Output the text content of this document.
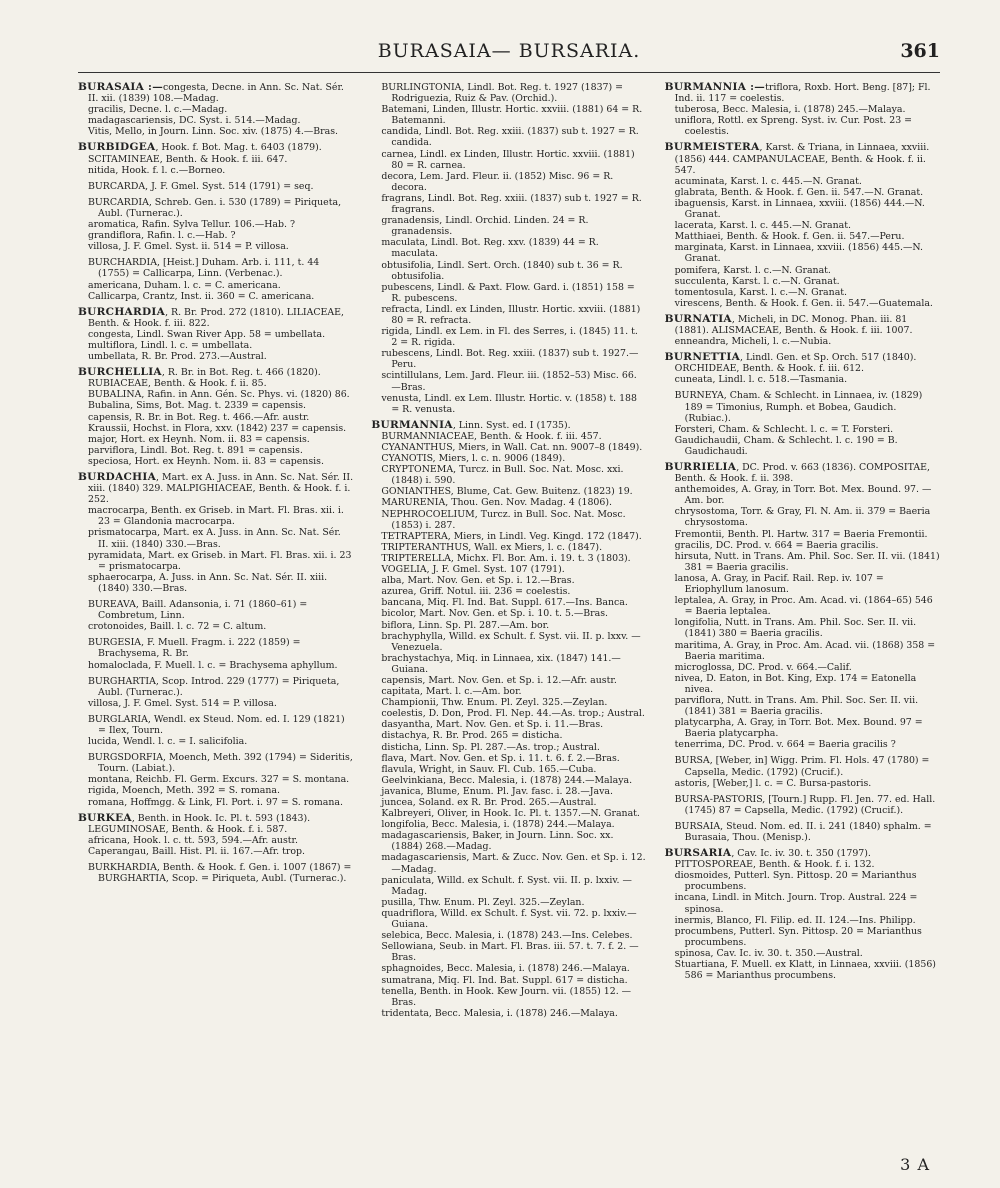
BURASAIA— BURSARIA.	361
BURASAIA :—congesta, Decne. in Ann. Sc. Nat. Sér. II. xii. (1839) 108.—Madag.
gracilis, Decne. l. c.—Madag.
madagascariensis, DC. Syst. i. 514.—Madag.
Vitis, Mello, in Journ. Linn. Soc. xiv. (1875) 4.—Bras.
BURBIDGEA, Hook. f. Bot. Mag. t. 6403 (1879). SCITAMINEAE, Benth. & Hook. f. iii. 647.
nitida, Hook. f. l. c.—Borneo.
BURCARDA, J. F. Gmel. Syst. 514 (1791) = seq.
BURCARDIA, Schreb. Gen. i. 530 (1789) = Piriqueta, Aubl. (Turnerac.).
aromatica, Rafin. Sylva Tellur. 106.—Hab. ?
grandiflora, Rafin. l. c.—Hab. ?
villosa, J. F. Gmel. Syst. ii. 514 = P. villosa.
BURCHARDIA, [Heist.] Duham. Arb. i. 111, t. 44 (1755) = Callicarpa, Linn. (Verbenac.).
americana, Duham. l. c. = C. americana.
Callicarpa, Crantz, Inst. ii. 360 = C. americana.
BURCHARDIA, R. Br. Prod. 272 (1810). LILIACEAE, Benth. & Hook. f. iii. 822.
congesta, Lindl. Swan River App. 58 = umbellata.
multiflora, Lindl. l. c. = umbellata.
umbellata, R. Br. Prod. 273.—Austral.
BURCHELLIA, R. Br. in Bot. Reg. t. 466 (1820). RUBIACEAE, Benth. & Hook. f. ii. 85.
BUBALINA, Rafin. in Ann. Gén. Sc. Phys. vi. (1820) 86.
Bubalina, Sims, Bot. Mag. t. 2339 = capensis.
capensis, R. Br. in Bot. Reg. t. 466.—Afr. austr.
Kraussii, Hochst. in Flora, xxv. (1842) 237 = capensis.
major, Hort. ex Heynh. Nom. ii. 83 = capensis.
parviflora, Lindl. Bot. Reg. t. 891 = capensis.
speciosa, Hort. ex Heynh. Nom. ii. 83 = capensis.
BURDACHIA, Mart. ex A. Juss. in Ann. Sc. Nat. Sér. II. xiii. (1840) 329. MALPIGHIACEAE, Benth. & Hook. f. i. 252.
macrocarpa, Benth. ex Griseb. in Mart. Fl. Bras. xii. i. 23 = Glandonia macrocarpa.
prismatocarpa, Mart. ex A. Juss. in Ann. Sc. Nat. Sér. II. xiii. (1840) 330.—Bras.
pyramidata, Mart. ex Griseb. in Mart. Fl. Bras. xii. i. 23 = prismatocarpa.
sphaerocarpa, A. Juss. in Ann. Sc. Nat. Sér. II. xiii. (1840) 330.—Bras.
BUREAVA, Baill. Adansonia, i. 71 (1860–61) = Combretum, Linn.
crotonoides, Baill. l. c. 72 = C. altum.
BURGESIA, F. Muell. Fragm. i. 222 (1859) = Brachysema, R. Br.
homaloclada, F. Muell. l. c. = Brachysema aphyllum.
BURGHARTIA, Scop. Introd. 229 (1777) = Piriqueta, Aubl. (Turnerac.).
villosa, J. F. Gmel. Syst. 514 = P. villosa.
BURGLARIA, Wendl. ex Steud. Nom. ed. I. 129 (1821) = Ilex, Tourn.
lucida, Wendl. l. c. = I. salicifolia.
BURGSDORFIA, Moench, Meth. 392 (1794) = Sideritis, Tourn. (Labiat.).
montana, Reichb. Fl. Germ. Excurs. 327 = S. montana.
rigida, Moench, Meth. 392 = S. romana.
romana, Hoffmgg. & Link, Fl. Port. i. 97 = S. romana.
BURKEA, Benth. in Hook. Ic. Pl. t. 593 (1843). LEGUMINOSAE, Benth. & Hook. f. i. 587.
africana, Hook. l. c. tt. 593, 594.—Afr. austr.
Caperangau, Baill. Hist. Pl. ii. 167.—Afr. trop.
BURKHARDIA, Benth. & Hook. f. Gen. i. 1007 (1867) = BURGHARTIA, Scop. = Piriqueta, Aubl. (Turnerac.).
BURLINGTONIA, Lindl. Bot. Reg. t. 1927 (1837) = Rodriguezia, Ruiz & Pav. (Orchid.).
Batemani, Linden, Illustr. Hortic. xxviii. (1881) 64 = R. Batemanni.
candida, Lindl. Bot. Reg. xxiii. (1837) sub t. 1927 = R. candida.
carnea, Lindl. ex Linden, Illustr. Hortic. xxviii. (1881) 80 = R. carnea.
decora, Lem. Jard. Fleur. ii. (1852) Misc. 96 = R. decora.
fragrans, Lindl. Bot. Reg. xxiii. (1837) sub t. 1927 = R. fragrans.
granadensis, Lindl. Orchid. Linden. 24 = R. granadensis.
maculata, Lindl. Bot. Reg. xxv. (1839) 44 = R. maculata.
obtusifolia, Lindl. Sert. Orch. (1840) sub t. 36 = R. obtusifolia.
pubescens, Lindl. & Paxt. Flow. Gard. i. (1851) 158 = R. pubescens.
refracta, Lindl. ex Linden, Illustr. Hortic. xxviii. (1881) 80 = R. refracta.
rigida, Lindl. ex Lem. in Fl. des Serres, i. (1845) 11. t. 2 = R. rigida.
rubescens, Lindl. Bot. Reg. xxiii. (1837) sub t. 1927.—Peru.
scintillulans, Lem. Jard. Fleur. iii. (1852–53) Misc. 66. —Bras.
venusta, Lindl. ex Lem. Illustr. Hortic. v. (1858) t. 188 = R. venusta.
BURMANNIA, Linn. Syst. ed. I (1735). BURMANNIACEAE, Benth. & Hook. f. iii. 457.
CYANANTHUS, Miers, in Wall. Cat. nn. 9007–8 (1849).
CYANOTIS, Miers, l. c. n. 9006 (1849).
CRYPTONEMA, Turcz. in Bull. Soc. Nat. Mosc. xxi. (1848) i. 590.
GONIANTHES, Blume, Cat. Gew. Buitenz. (1823) 19.
MARURENIA, Thou. Gen. Nov. Madag. 4 (1806).
NEPHROCOELIUM, Turcz. in Bull. Soc. Nat. Mosc. (1853) i. 287.
TETRAPTERA, Miers, in Lindl. Veg. Kingd. 172 (1847).
TRIPTERANTHUS, Wall. ex Miers, l. c. (1847).
TRIPTERELLA, Michx. Fl. Bor. Am. i. 19. t. 3 (1803).
VOGELIA, J. F. Gmel. Syst. 107 (1791).
alba, Mart. Nov. Gen. et Sp. i. 12.—Bras.
azurea, Griff. Notul. iii. 236 = coelestis.
bancana, Miq. Fl. Ind. Bat. Suppl. 617.—Ins. Banca.
bicolor, Mart. Nov. Gen. et Sp. i. 10. t. 5.—Bras.
biflora, Linn. Sp. Pl. 287.—Am. bor.
brachyphylla, Willd. ex Schult. f. Syst. vii. II. p. lxxv. —Venezuela.
brachystachya, Miq. in Linnaea, xix. (1847) 141.—Guiana.
capensis, Mart. Nov. Gen. et Sp. i. 12.—Afr. austr.
capitata, Mart. l. c.—Am. bor.
Championii, Thw. Enum. Pl. Zeyl. 325.—Zeylan.
coelestis, D. Don, Prod. Fl. Nep. 44.—As. trop.; Austral.
dasyantha, Mart. Nov. Gen. et Sp. i. 11.—Bras.
distachya, R. Br. Prod. 265 = disticha.
disticha, Linn. Sp. Pl. 287.—As. trop.; Austral.
flava, Mart. Nov. Gen. et Sp. i. 11. t. 6. f. 2.—Bras.
flavula, Wright, in Sauv. Fl. Cub. 165.—Cuba.
Geelvinkiana, Becc. Malesia, i. (1878) 244.—Malaya.
javanica, Blume, Enum. Pl. Jav. fasc. i. 28.—Java.
juncea, Soland. ex R. Br. Prod. 265.—Austral.
Kalbreyeri, Oliver, in Hook. Ic. Pl. t. 1357.—N. Granat.
longifolia, Becc. Malesia, i. (1878) 244.—Malaya.
madagascariensis, Baker, in Journ. Linn. Soc. xx. (1884) 268.—Madag.
madagascariensis, Mart. & Zucc. Nov. Gen. et Sp. i. 12.—Madag.
paniculata, Willd. ex Schult. f. Syst. vii. II. p. lxxiv. —Madag.
pusilla, Thw. Enum. Pl. Zeyl. 325.—Zeylan.
quadriflora, Willd. ex Schult. f. Syst. vii. 72. p. lxxiv.—Guiana.
selebica, Becc. Malesia, i. (1878) 243.—Ins. Celebes.
Sellowiana, Seub. in Mart. Fl. Bras. iii. 57. t. 7. f. 2. —Bras.
sphagnoides, Becc. Malesia, i. (1878) 246.—Malaya.
sumatrana, Miq. Fl. Ind. Bat. Suppl. 617 = disticha.
tenella, Benth. in Hook. Kew Journ. vii. (1855) 12. —Bras.
tridentata, Becc. Malesia, i. (1878) 246.—Malaya.
BURMANNIA :—triflora, Roxb. Hort. Beng. [87]; Fl. Ind. ii. 117 = coelestis.
tuberosa, Becc. Malesia, i. (1878) 245.—Malaya.
uniflora, Rottl. ex Spreng. Syst. iv. Cur. Post. 23 = coelestis.
BURMEISTERA, Karst. & Triana, in Linnaea, xxviii. (1856) 444. CAMPANULACEAE, Benth. & Hook. f. ii. 547.
acuminata, Karst. l. c. 445.—N. Granat.
glabrata, Benth. & Hook. f. Gen. ii. 547.—N. Granat.
ibaguensis, Karst. in Linnaea, xxviii. (1856) 444.—N. Granat.
lacerata, Karst. l. c. 445.—N. Granat.
Matthiaei, Benth. & Hook. f. Gen. ii. 547.—Peru.
marginata, Karst. in Linnaea, xxviii. (1856) 445.—N. Granat.
pomifera, Karst. l. c.—N. Granat.
succulenta, Karst. l. c.—N. Granat.
tomentosula, Karst. l. c.—N. Granat.
virescens, Benth. & Hook. f. Gen. ii. 547.—Guatemala.
BURNATIA, Micheli, in DC. Monog. Phan. iii. 81 (1881). ALISMACEAE, Benth. & Hook. f. iii. 1007.
enneandra, Micheli, l. c.—Nubia.
BURNETTIA, Lindl. Gen. et Sp. Orch. 517 (1840). ORCHIDEAE, Benth. & Hook. f. iii. 612.
cuneata, Lindl. l. c. 518.—Tasmania.
BURNEYA, Cham. & Schlecht. in Linnaea, iv. (1829) 189 = Timonius, Rumph. et Bobea, Gaudich. (Rubiac.).
Forsteri, Cham. & Schlecht. l. c. = T. Forsteri.
Gaudichaudii, Cham. & Schlecht. l. c. 190 = B. Gaudichaudi.
BURRIELIA, DC. Prod. v. 663 (1836). COMPOSITAE, Benth. & Hook. f. ii. 398.
anthemoides, A. Gray, in Torr. Bot. Mex. Bound. 97. —Am. bor.
chrysostoma, Torr. & Gray, Fl. N. Am. ii. 379 = Baeria chrysostoma.
Fremontii, Benth. Pl. Hartw. 317 = Baeria Fremontii.
gracilis, DC. Prod. v. 664 = Baeria gracilis.
hirsuta, Nutt. in Trans. Am. Phil. Soc. Ser. II. vii. (1841) 381 = Baeria gracilis.
lanosa, A. Gray, in Pacif. Rail. Rep. iv. 107 = Eriophyllum lanosum.
leptalea, A. Gray, in Proc. Am. Acad. vi. (1864–65) 546 = Baeria leptalea.
longifolia, Nutt. in Trans. Am. Phil. Soc. Ser. II. vii. (1841) 380 = Baeria gracilis.
maritima, A. Gray, in Proc. Am. Acad. vii. (1868) 358 = Baeria maritima.
microglossa, DC. Prod. v. 664.—Calif.
nivea, D. Eaton, in Bot. King, Exp. 174 = Eatonella nivea.
parviflora, Nutt. in Trans. Am. Phil. Soc. Ser. II. vii. (1841) 381 = Baeria gracilis.
platycarpha, A. Gray, in Torr. Bot. Mex. Bound. 97 = Baeria platycarpha.
tenerrima, DC. Prod. v. 664 = Baeria gracilis ?
BURSA, [Weber, in] Wigg. Prim. Fl. Hols. 47 (1780) = Capsella, Medic. (1792) (Crucif.).
astoris, [Weber,] l. c. = C. Bursa-pastoris.
BURSA-PASTORIS, [Tourn.] Rupp. Fl. Jen. 77. ed. Hall. (1745) 87 = Capsella, Medic. (1792) (Crucif.).
BURSAIA, Steud. Nom. ed. II. i. 241 (1840) sphalm. = Burasaia, Thou. (Menisp.).
BURSARIA, Cav. Ic. iv. 30. t. 350 (1797). PITTOSPOREAE, Benth. & Hook. f. i. 132.
diosmoides, Putterl. Syn. Pittosp. 20 = Marianthus procumbens.
incana, Lindl. in Mitch. Journ. Trop. Austral. 224 = spinosa.
inermis, Blanco, Fl. Filip. ed. II. 124.—Ins. Philipp.
procumbens, Putterl. Syn. Pittosp. 20 = Marianthus procumbens.
spinosa, Cav. Ic. iv. 30. t. 350.—Austral.
Stuartiana, F. Muell. ex Klatt, in Linnaea, xxviii. (1856) 586 = Marianthus procumbens.
3 A
